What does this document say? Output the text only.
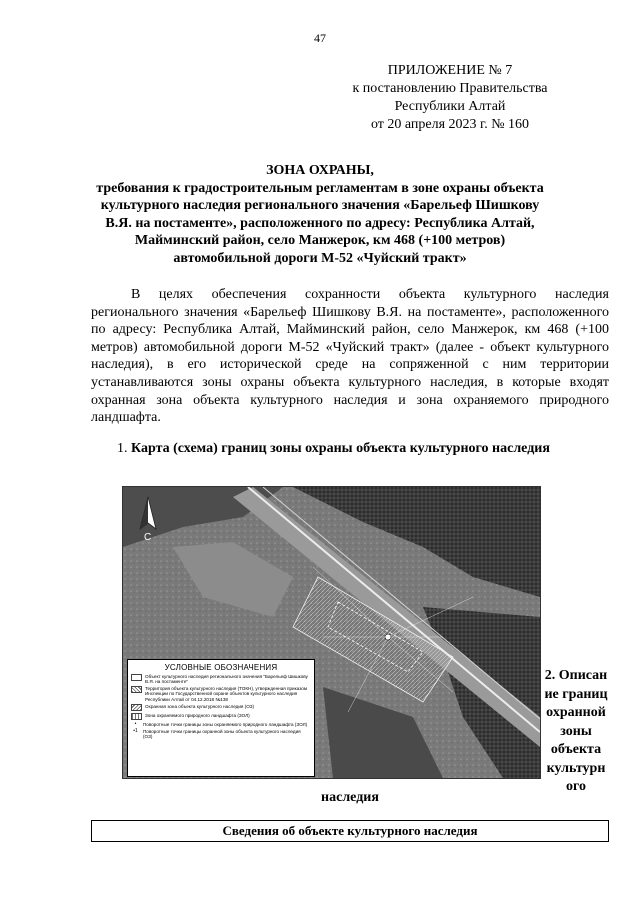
47
ПРИЛОЖЕНИЕ № 7
к постановлению Правительства
Республики Алтай
от 20 апреля 2023 г. № 160
ЗОНА ОХРАНЫ,
требования к градостроительным регламентам в зоне охраны объекта
культурного наследия регионального значения «Барельеф Шишкову
В.Я. на постаменте», расположенного по адресу: Республика Алтай,
Майминский район, село Манжерок, км 468 (+100 метров)
автомобильной дороги М-52 «Чуйский тракт»
В целях обеспечения сохранности объекта культурного наследия регионального значения «Барельеф Шишкову В.Я. на постаменте», расположенного по адресу: Республика Алтай, Майминский район, село Манжерок, км 468 (+100 метров) автомобильной дороги М-52 «Чуйский тракт» (далее - объект культурного наследия), в его исторической среде на сопряженной с ним территории устанавливаются зоны охраны объекта культурного наследия, в которые входят охранная зона объекта культурного наследия и зона охраняемого природного ландшафта.
1. Карта (схема) границ зоны охраны объекта культурного наследия
С
УСЛОВНЫЕ ОБОЗНАЧЕНИЯ
Объект культурного наследия регионального значения "Барельеф Шишкову В.Я. на постаменте"
Территория объекта культурного наследия (ТОКН), утвержденная приказом Инспекции по Государственной охране объектов культурного наследия Республики Алтай от 04.12.2018 №138
Охранная зона объекта культурного наследия (ОЗ)
Зона охраняемого природного ландшафта (ЗОЛ)
•	Поворотные точки границы зоны охраняемого природного ландшафта (ЗОЛ)
•1	Поворотные точки границы охранной зоны объекта культурного наследия (ОЗ)
2. Описан
ие границ
охранной
зоны
объекта
культурн
ого
наследия
Сведения об объекте культурного наследия
